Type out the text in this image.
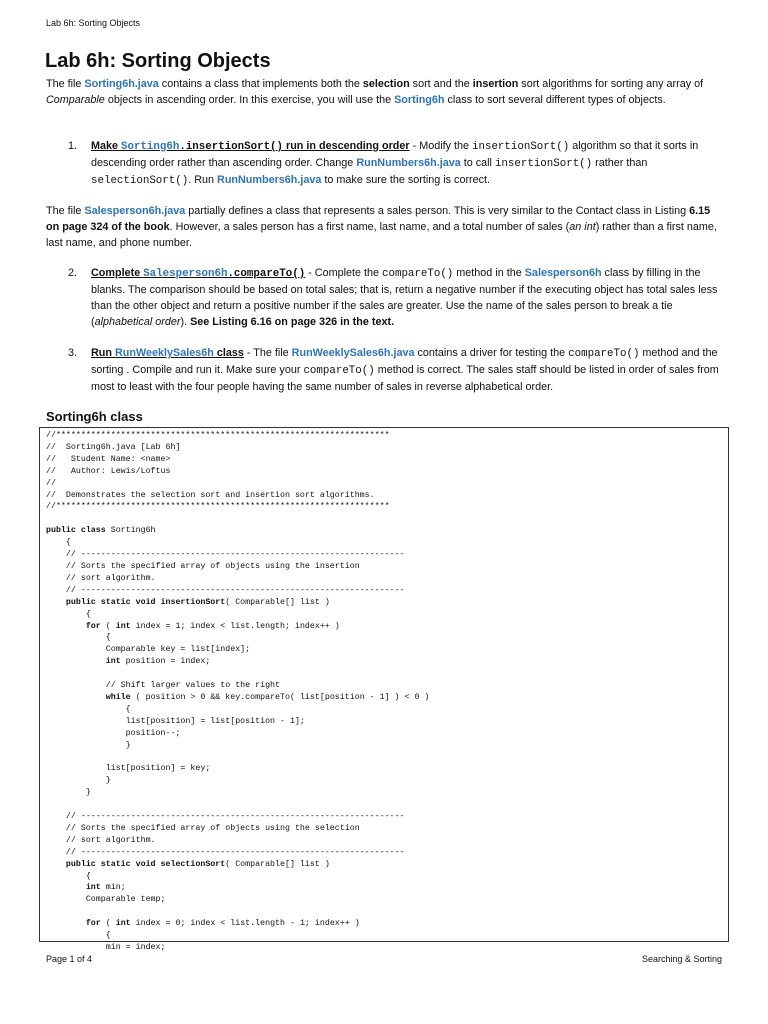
Lab 6h: Sorting Objects
Lab 6h: Sorting Objects

The file Sorting6h.java contains a class that implements both the selection sort and the insertion sort algorithms for sorting any array of Comparable objects in ascending order. In this exercise, you will use the Sorting6h class to sort several different types of objects.

1. Make Sorting6h.insertionSort() run in descending order - Modify the insertionSort() algorithm so that it sorts in descending order rather than ascending order. Change RunNumbers6h.java to call insertionSort() rather than selectionSort(). Run RunNumbers6h.java to make sure the sorting is correct.

The file Salesperson6h.java partially defines a class that represents a sales person. This is very similar to the Contact class in Listing 6.15 on page 324 of the book. However, a sales person has a first name, last name, and a total number of sales (an int) rather than a first name, last name, and phone number.

2. Complete Salesperson6h.compareTo() - Complete the compareTo() method in the Salesperson6h class by filling in the blanks. The comparison should be based on total sales; that is, return a negative number if the executing object has total sales less than the other object and return a positive number if the sales are greater. Use the name of the sales person to break a tie (alphabetical order). See Listing 6.16 on page 326 in the text.
3. Run RunWeeklySales6h class - The file RunWeeklySales6h.java contains a driver for testing the compareTo() method and the sorting . Compile and run it. Make sure your compareTo() method is correct. The sales staff should be listed in order of sales from most to least with the four people having the same number of sales in reverse alphabetical order.
Sorting6h class
//*******************************************************************
//  Sorting6h.java [Lab 6h]
//   Student Name: <name>
//   Author: Lewis/Loftus
//
//  Demonstrates the selection sort and insertion sort algorithms.
//*******************************************************************

public class Sorting6h
{
// -----------------------------------------------------------------
// Sorts the specified array of objects using the insertion
// sort algorithm.
// -----------------------------------------------------------------
public static void insertionSort( Comparable[] list )
{
for ( int index = 1; index < list.length; index++ )
{
Comparable key = list[index];
int position = index;

// Shift larger values to the right
while ( position > 0 && key.compareTo( list[position - 1] ) < 0 )
{
list[position] = list[position - 1];
position--;
}

list[position] = key;
}
}

// -----------------------------------------------------------------
// Sorts the specified array of objects using the selection
// sort algorithm.
// -----------------------------------------------------------------
public static void selectionSort( Comparable[] list )
{
int min;
Comparable temp;

for ( int index = 0; index < list.length - 1; index++ )
{
min = index;
Page 1 of 4	Searching & Sorting
